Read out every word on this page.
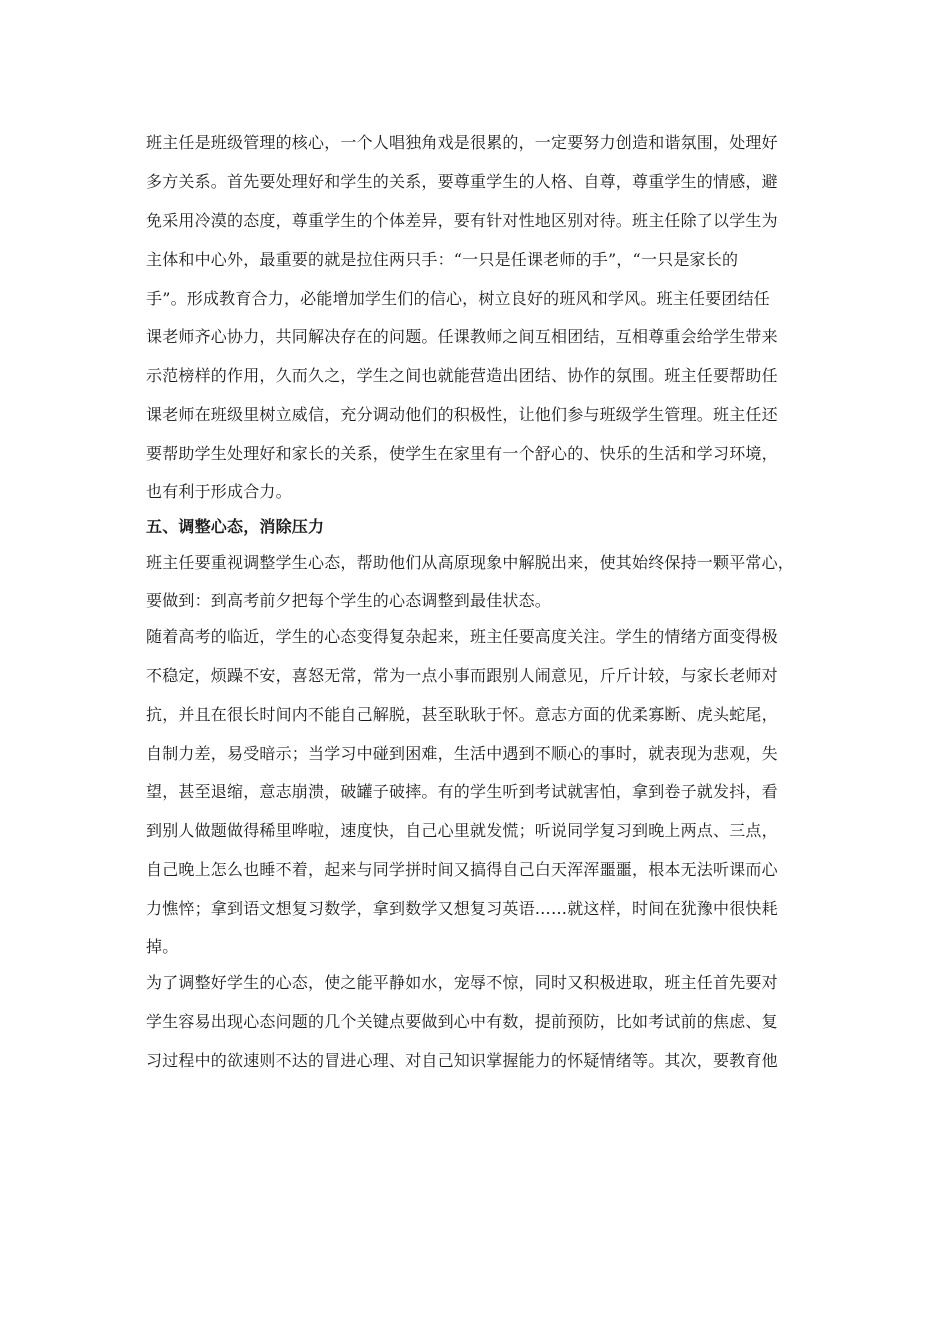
班主任是班级管理的核心，一个人唱独角戏是很累的，一定要努力创造和谐氛围，处理好
多方关系。首先要处理好和学生的关系，要尊重学生的人格、自尊，尊重学生的情感，避
免采用冷漠的态度，尊重学生的个体差异，要有针对性地区别对待。班主任除了以学生为
主体和中心外，最重要的就是拉住两只手：“一只是任课老师的手”，“一只是家长的
手”。形成教育合力，必能增加学生们的信心，树立良好的班风和学风。班主任要团结任
课老师齐心协力，共同解决存在的问题。任课教师之间互相团结，互相尊重会给学生带来
示范榜样的作用，久而久之，学生之间也就能营造出团结、协作的氛围。班主任要帮助任
课老师在班级里树立威信，充分调动他们的积极性，让他们参与班级学生管理。班主任还
要帮助学生处理好和家长的关系，使学生在家里有一个舒心的、快乐的生活和学习环境，
也有利于形成合力。
五、调整心态，消除压力
班主任要重视调整学生心态，帮助他们从高原现象中解脱出来，使其始终保持一颗平常心，
要做到：到高考前夕把每个学生的心态调整到最佳状态。
随着高考的临近，学生的心态变得复杂起来，班主任要高度关注。学生的情绪方面变得极
不稳定，烦躁不安，喜怒无常，常为一点小事而跟别人闹意见，斤斤计较，与家长老师对
抗，并且在很长时间内不能自己解脱，甚至耿耿于怀。意志方面的优柔寡断、虎头蛇尾，
自制力差，易受暗示；当学习中碰到困难，生活中遇到不顺心的事时，就表现为悲观，失
望，甚至退缩，意志崩溃，破罐子破摔。有的学生听到考试就害怕，拿到卷子就发抖，看
到别人做题做得稀里哗啦，速度快，自己心里就发慌；听说同学复习到晚上两点、三点，
自己晚上怎么也睡不着，起来与同学拼时间又搞得自己白天浑浑噩噩，根本无法听课而心
力憔悴；拿到语文想复习数学，拿到数学又想复习英语……就这样，时间在犹豫中很快耗
掉。
为了调整好学生的心态，使之能平静如水，宠辱不惊，同时又积极进取，班主任首先要对
学生容易出现心态问题的几个关键点要做到心中有数，提前预防，比如考试前的焦虑、复
习过程中的欲速则不达的冒进心理、对自己知识掌握能力的怀疑情绪等。其次，要教育他
